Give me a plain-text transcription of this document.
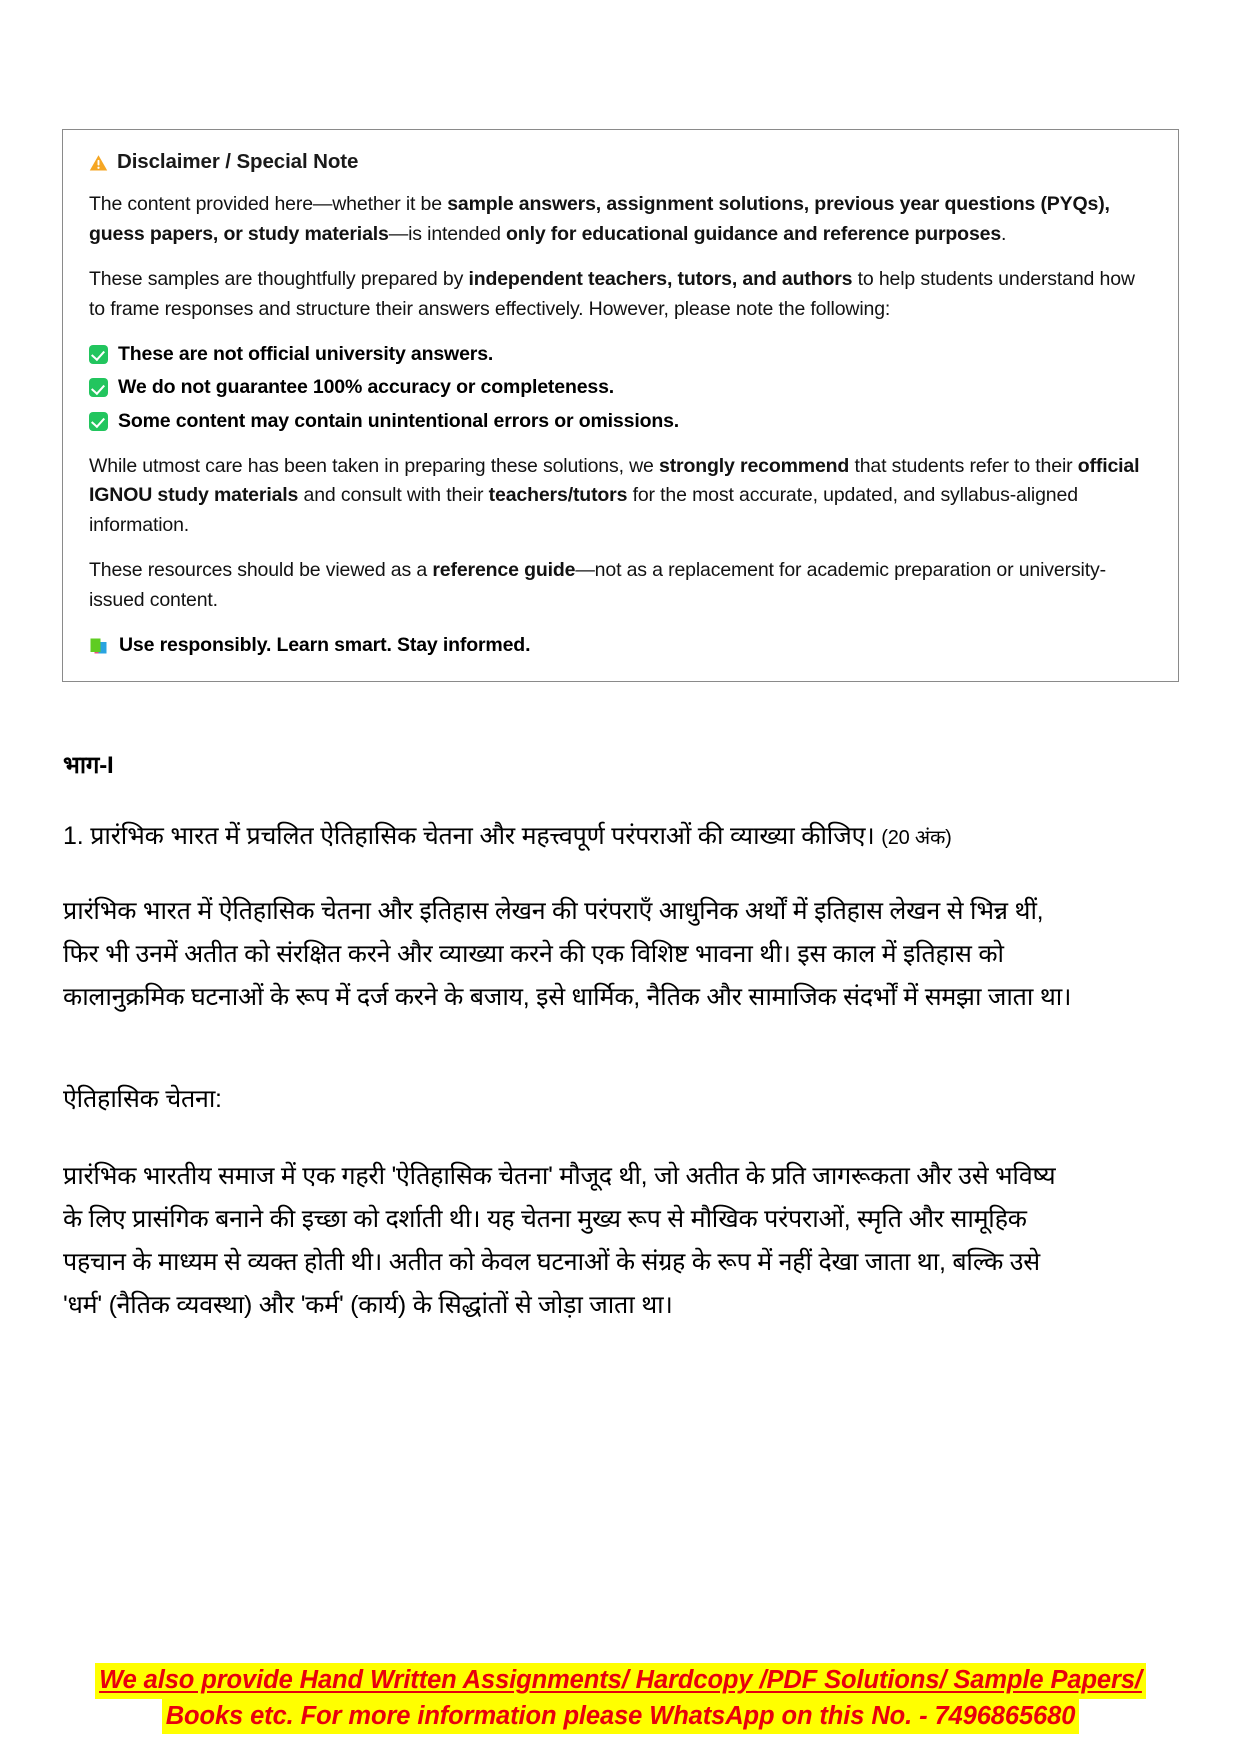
Disclaimer / Special Note

The content provided here—whether it be sample answers, assignment solutions, previous year questions (PYQs), guess papers, or study materials—is intended only for educational guidance and reference purposes.

These samples are thoughtfully prepared by independent teachers, tutors, and authors to help students understand how to frame responses and structure their answers effectively. However, please note the following:

These are not official university answers.
We do not guarantee 100% accuracy or completeness.
Some content may contain unintentional errors or omissions.

While utmost care has been taken in preparing these solutions, we strongly recommend that students refer to their official IGNOU study materials and consult with their teachers/tutors for the most accurate, updated, and syllabus-aligned information.

These resources should be viewed as a reference guide—not as a replacement for academic preparation or university-issued content.

Use responsibly. Learn smart. Stay informed.

भाग-I
1. प्रारंभिक भारत में प्रचलित ऐतिहासिक चेतना और महत्त्वपूर्ण परंपराओं की व्याख्या कीजिए। (20 अंक)
प्रारंभिक भारत में ऐतिहासिक चेतना और इतिहास लेखन की परंपराएँ आधुनिक अर्थों में इतिहास लेखन से भिन्न थीं, फिर भी उनमें अतीत को संरक्षित करने और व्याख्या करने की एक विशिष्ट भावना थी। इस काल में इतिहास को कालानुक्रमिक घटनाओं के रूप में दर्ज करने के बजाय, इसे धार्मिक, नैतिक और सामाजिक संदर्भों में समझा जाता था।
ऐतिहासिक चेतना:
प्रारंभिक भारतीय समाज में एक गहरी 'ऐतिहासिक चेतना' मौजूद थी, जो अतीत के प्रति जागरूकता और उसे भविष्य के लिए प्रासंगिक बनाने की इच्छा को दर्शाती थी। यह चेतना मुख्य रूप से मौखिक परंपराओं, स्मृति और सामूहिक पहचान के माध्यम से व्यक्त होती थी। अतीत को केवल घटनाओं के संग्रह के रूप में नहीं देखा जाता था, बल्कि उसे 'धर्म' (नैतिक व्यवस्था) और 'कर्म' (कार्य) के सिद्धांतों से जोड़ा जाता था।
We also provide Hand Written Assignments/ Hardcopy /PDF Solutions/ Sample Papers/
Books etc. For more information please WhatsApp on this No. - 7496865680
